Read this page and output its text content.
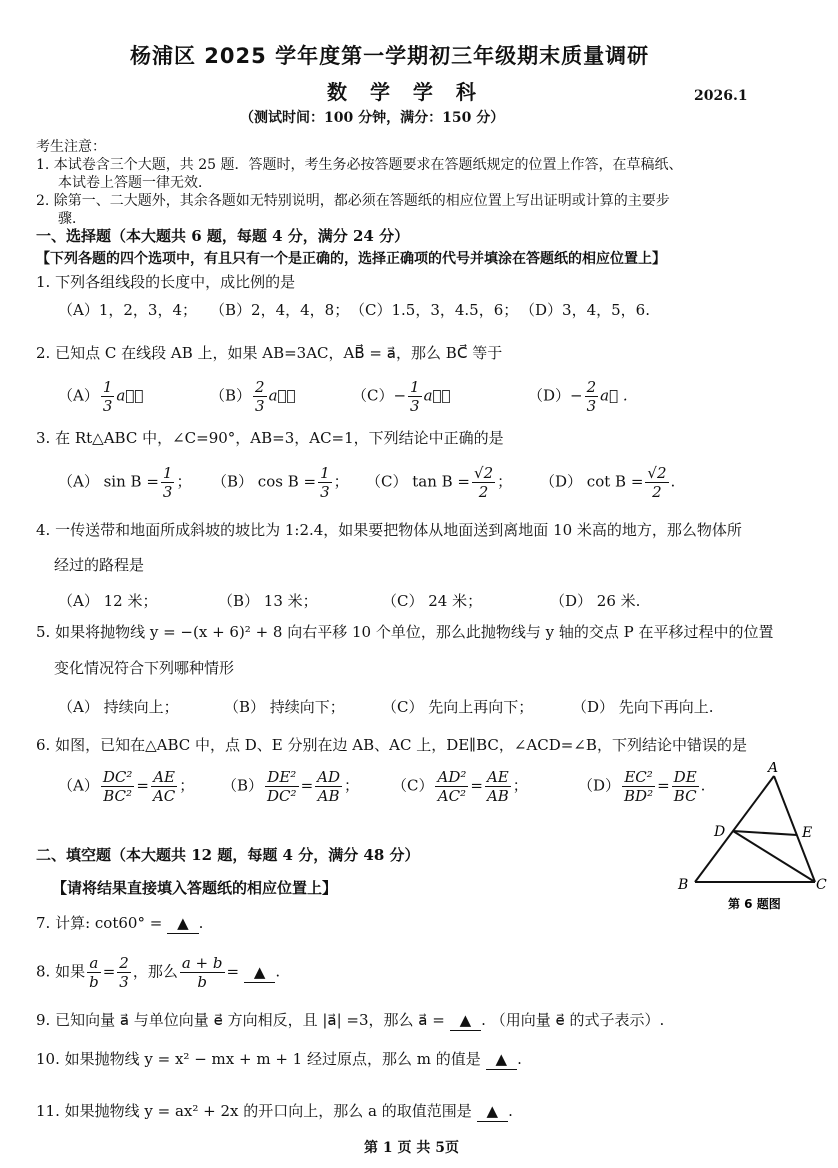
杨浦区 2025 学年度第一学期初三年级期末质量调研
数 学 学 科	2026.1
（测试时间：100 分钟，满分：150 分）
考生注意：
1. 本试卷含三个大题，共 25 题．答题时，考生务必按答题要求在答题纸规定的位置上作答，在草稿纸、
本试卷上答题一律无效．
2. 除第一、二大题外，其余各题如无特别说明，都必须在答题纸的相应位置上写出证明或计算的主要步
骤．
一、选择题（本大题共 6 题，每题 4 分，满分 24 分）
【下列各题的四个选项中，有且只有一个是正确的，选择正确项的代号并填涂在答题纸的相应位置上】
1. 下列各组线段的长度中，成比例的是
（A）1，2，3，4； （B）2，4，4，8； （C）1.5，3，4.5，6； （D）3，4，5，6.
2. 已知点 C 在线段 AB 上，如果 AB=3AC，AB⃗ = a⃗，那么 BC⃗ 等于
$(A) \frac{1}{3}$ a⃗；	$(B) \frac{2}{3}$ a⃗；	$(C)- \frac{1}{3}$ a⃗；	$(D)- \frac{2}{3}$ a⃗ .
3. 在 Rt△ABC 中，∠C=90°，AB=3，AC=1，下列结论中正确的是
（A） $\sin B = \frac{1}{3}$ ； （B） $\cos B = \frac{1}{3}$ ； （C） $\tan B = \frac{√2}{2}$ ； （D） $\cot B = \frac{√2}{2}$ .
4. 一传送带和地面所成斜坡的坡比为 1:2.4，如果要把物体从地面送到离地面 10 米高的地方，那么物体所
经过的路程是
（A） 12 米；	（B） 13 米；	（C） 24 米；	（D） 26 米.
5. 如果将抛物线 y = −(x + 6)² + 8 向右平移 10 个单位，那么此抛物线与 y 轴的交点 P 在平移过程中的位置
变化情况符合下列哪种情形
（A） 持续向上；	（B） 持续向下； （C） 先向上再向下；	（D） 先向下再向上.
6. 如图，已知在△ABC 中，点 D、E 分别在边 AB、AC 上，DE∥BC，∠ACD=∠B，下列结论中错误的是
$(A) \frac{\text{DC²}}{\text{BC²}} = \frac{AE}{AC}$ ； $(B) \frac{\text{DE²}}{\text{DC²}} = \frac{AD}{AB}$ ； $(C) \frac{\text{AD²}}{\text{AC²}} = \frac{AE}{AB}$ ；	$(D) \frac{\text{EC²}}{\text{BD²}} = \frac{DE}{BC}$ .
A
D	E
B	C
第 6 题图
二、填空题（本大题共 12 题，每题 4 分，满分 48 分）
【请将结果直接填入答题纸的相应位置上】
7. 计算: cot60° = ▲ .
8. 如果 $\frac{a}{b} = \frac{2}{3}$ ，那么 $\frac{a + b}{b}$ = ▲ .
9. 已知向量 a⃗ 与单位向量 e⃗ 方向相反，且 |a⃗| =3，那么 a⃗ = ▲ . （用向量 e⃗ 的式子表示）.
10. 如果抛物线 y = x² − mx + m + 1 经过原点，那么 m 的值是 ▲ .
11. 如果抛物线 y = ax² + 2x 的开口向上，那么 a 的取值范围是 ▲ .
第 1 页 共 5页
